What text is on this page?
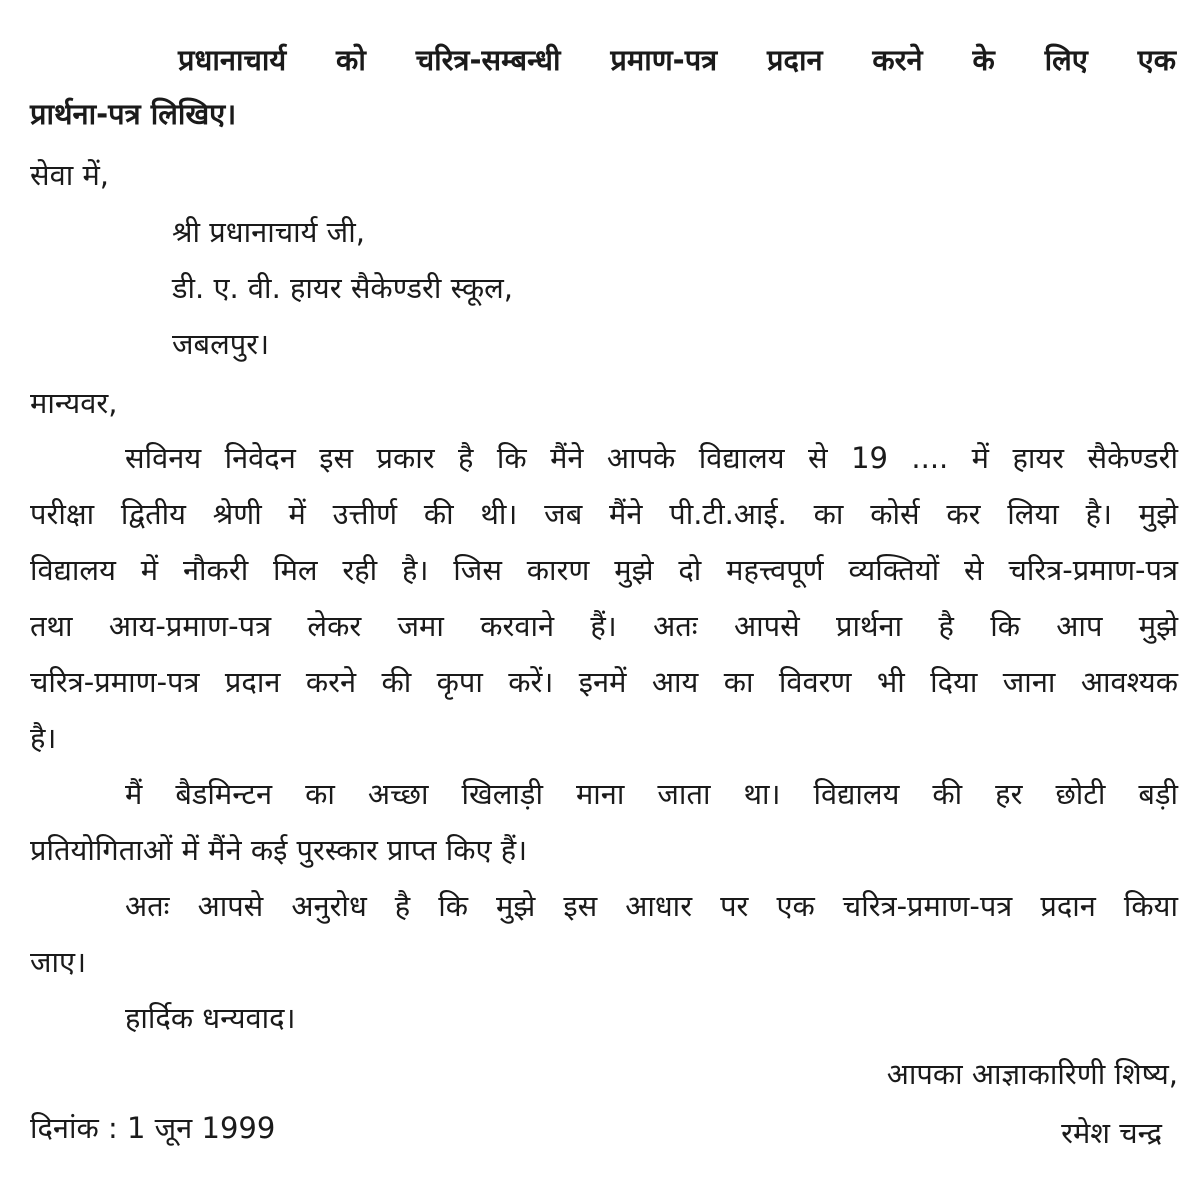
प्रधानाचार्य को चरित्र-सम्बन्धी प्रमाण-पत्र प्रदान करने के लिए एक
प्रार्थना-पत्र लिखिए।
सेवा में,
श्री प्रधानाचार्य जी,
डी. ए. वी. हायर सैकेण्डरी स्कूल,
जबलपुर।
मान्यवर,
सविनय निवेदन इस प्रकार है कि मैंने आपके विद्यालय से 19 .... में हायर सैकेण्डरी
परीक्षा द्वितीय श्रेणी में उत्तीर्ण की थी। जब मैंने पी.टी.आई. का कोर्स कर लिया है। मुझे
विद्यालय में नौकरी मिल रही है। जिस कारण मुझे दो महत्त्वपूर्ण व्यक्तियों से चरित्र-प्रमाण-पत्र
तथा आय-प्रमाण-पत्र लेकर जमा करवाने हैं। अतः आपसे प्रार्थना है कि आप मुझे
चरित्र-प्रमाण-पत्र प्रदान करने की कृपा करें। इनमें आय का विवरण भी दिया जाना आवश्यक
है।
मैं बैडमिन्टन का अच्छा खिलाड़ी माना जाता था। विद्यालय की हर छोटी बड़ी
प्रतियोगिताओं में मैंने कई पुरस्कार प्राप्त किए हैं।
अतः आपसे अनुरोध है कि मुझे इस आधार पर एक चरित्र-प्रमाण-पत्र प्रदान किया
जाए।
हार्दिक धन्यवाद।
आपका आज्ञाकारिणी शिष्य,
रमेश चन्द्र
दिनांक : 1 जून 1999
